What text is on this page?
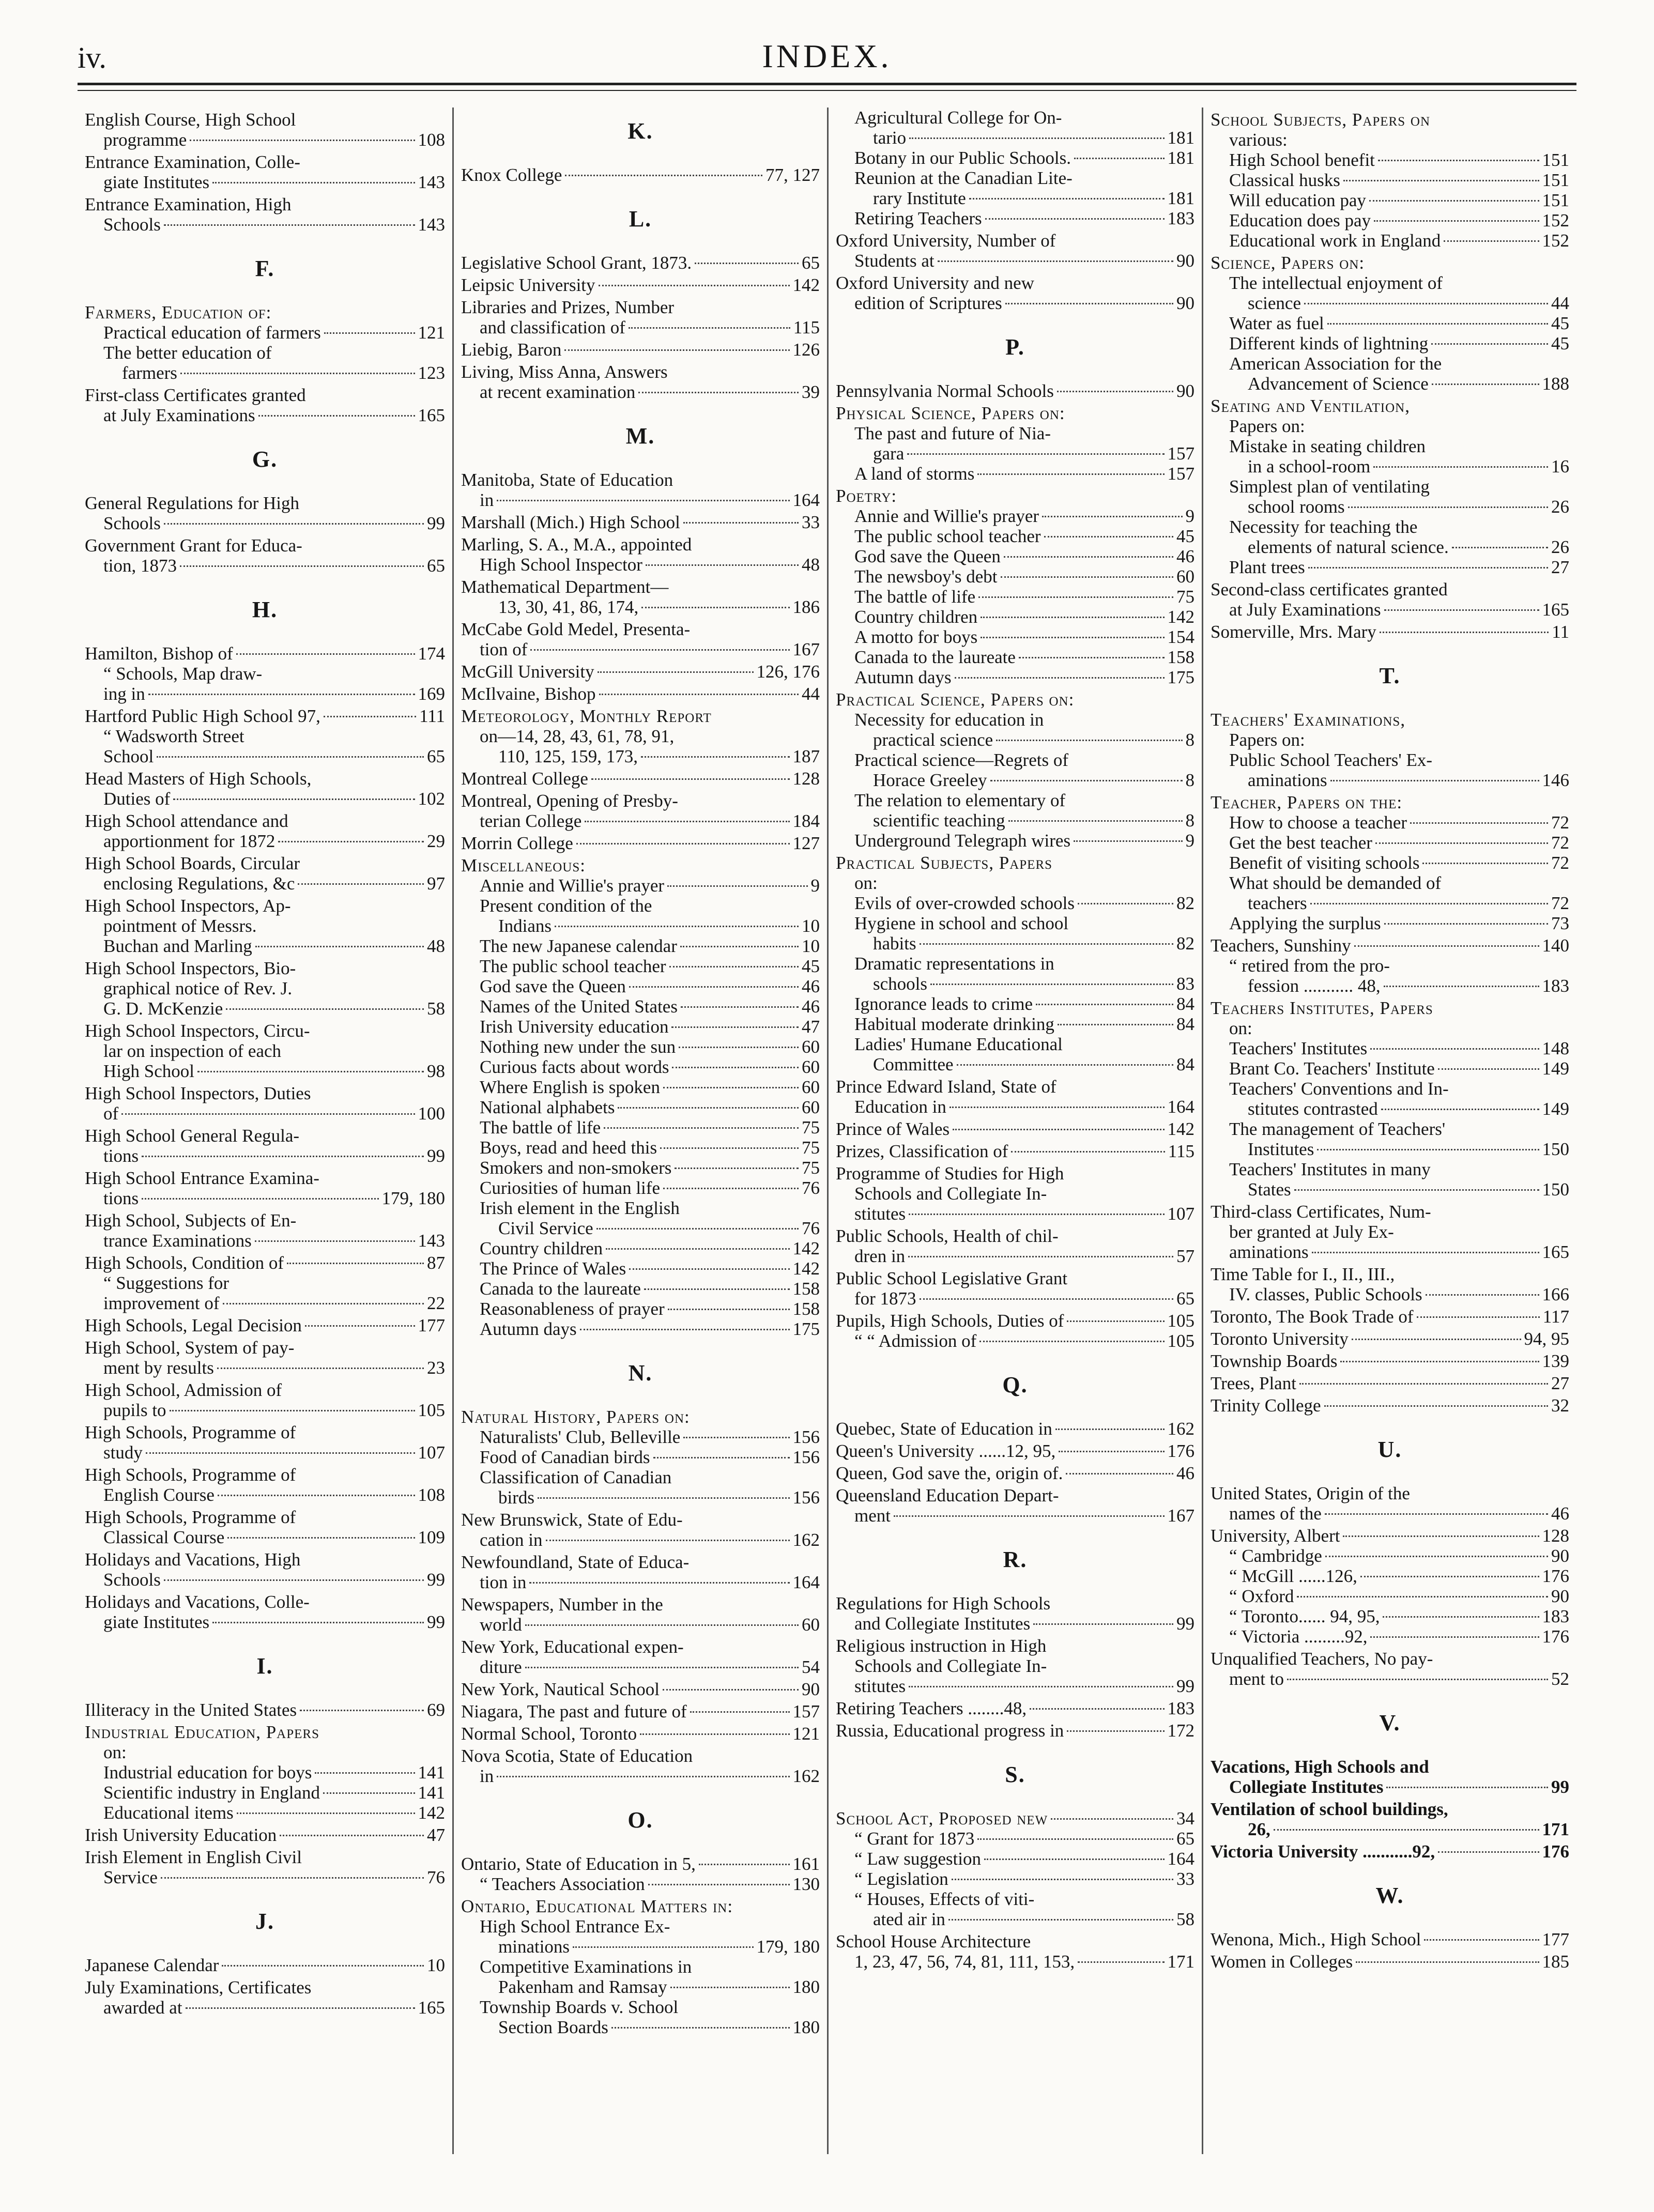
iv.	INDEX.
English Course, High School
programme	108
Entrance Examination, Colle-
giate Institutes	143
Entrance Examination, High
Schools	143
F.
Farmers, Education of:
Practical education of farmers	121
The better education of
farmers	123
First-class Certificates granted
at July Examinations	165
G.
General Regulations for High
Schools	99
Government Grant for Educa-
tion, 1873	65
H.
Hamilton, Bishop of	174
“ Schools, Map draw-
ing in	169
Hartford Public High School 97,	111
“ Wadsworth Street
School	65
Head Masters of High Schools,
Duties of	102
High School attendance and
apportionment for 1872	29
High School Boards, Circular
enclosing Regulations, &c	97
High School Inspectors, Ap-
pointment of Messrs.
Buchan and Marling	48
High School Inspectors, Bio-
graphical notice of Rev. J.
G. D. McKenzie	58
High School Inspectors, Circu-
lar on inspection of each
High School	98
High School Inspectors, Duties
of	100
High School General Regula-
tions	99
High School Entrance Examina-
tions	179, 180
High School, Subjects of En-
trance Examinations	143
High Schools, Condition of	87
“ Suggestions for
improvement of	22
High Schools, Legal Decision	177
High School, System of pay-
ment by results	23
High School, Admission of
pupils to	105
High Schools, Programme of
study	107
High Schools, Programme of
English Course	108
High Schools, Programme of
Classical Course	109
Holidays and Vacations, High
Schools	99
Holidays and Vacations, Colle-
giate Institutes	99
I.
Illiteracy in the United States	69
Industrial Education, Papers
on:
Industrial education for boys	141
Scientific industry in England	141
Educational items	142
Irish University Education	47
Irish Element in English Civil
Service	76
J.
Japanese Calendar	10
July Examinations, Certificates
awarded at	165
K.
Knox College	77, 127
L.
Legislative School Grant, 1873.	65
Leipsic University	142
Libraries and Prizes, Number
and classification of	115
Liebig, Baron	126
Living, Miss Anna, Answers
at recent examination	39
M.
Manitoba, State of Education
in	164
Marshall (Mich.) High School	33
Marling, S. A., M.A., appointed
High School Inspector	48
Mathematical Department—
13, 30, 41, 86, 174,	186
McCabe Gold Medel, Presenta-
tion of	167
McGill University	126, 176
McIlvaine, Bishop	44
Meteorology, Monthly Report
on—14, 28, 43, 61, 78, 91,
110, 125, 159, 173,	187
Montreal College	128
Montreal, Opening of Presby-
terian College	184
Morrin College	127
Miscellaneous:
Annie and Willie's prayer	9
Present condition of the
Indians	10
The new Japanese calendar	10
The public school teacher	45
God save the Queen	46
Names of the United States	46
Irish University education	47
Nothing new under the sun	60
Curious facts about words	60
Where English is spoken	60
National alphabets	60
The battle of life	75
Boys, read and heed this	75
Smokers and non-smokers	75
Curiosities of human life	76
Irish element in the English
Civil Service	76
Country children	142
The Prince of Wales	142
Canada to the laureate	158
Reasonableness of prayer	158
Autumn days	175
N.
Natural History, Papers on:
Naturalists' Club, Belleville	156
Food of Canadian birds	156
Classification of Canadian
birds	156
New Brunswick, State of Edu-
cation in	162
Newfoundland, State of Educa-
tion in	164
Newspapers, Number in the
world	60
New York, Educational expen-
diture	54
New York, Nautical School	90
Niagara, The past and future of	157
Normal School, Toronto	121
Nova Scotia, State of Education
in	162
O.
Ontario, State of Education in 5,	161
“ Teachers Association	130
Ontario, Educational Matters in:
High School Entrance Ex-
minations	179, 180
Competitive Examinations in
Pakenham and Ramsay	180
Township Boards v. School
Section Boards	180
Agricultural College for On-
tario	181
Botany in our Public Schools.	181
Reunion at the Canadian Lite-
rary Institute	181
Retiring Teachers	183
Oxford University, Number of
Students at	90
Oxford University and new
edition of Scriptures	90
P.
Pennsylvania Normal Schools	90
Physical Science, Papers on:
The past and future of Nia-
gara	157
A land of storms	157
Poetry:
Annie and Willie's prayer	9
The public school teacher	45
God save the Queen	46
The newsboy's debt	60
The battle of life	75
Country children	142
A motto for boys	154
Canada to the laureate	158
Autumn days	175
Practical Science, Papers on:
Necessity for education in
practical science	8
Practical science—Regrets of
Horace Greeley	8
The relation to elementary of
scientific teaching	8
Underground Telegraph wires	9
Practical Subjects, Papers
on:
Evils of over-crowded schools	82
Hygiene in school and school
habits	82
Dramatic representations in
schools	83
Ignorance leads to crime	84
Habitual moderate drinking	84
Ladies' Humane Educational
Committee	84
Prince Edward Island, State of
Education in	164
Prince of Wales	142
Prizes, Classification of	115
Programme of Studies for High
Schools and Collegiate In-
stitutes	107
Public Schools, Health of chil-
dren in	57
Public School Legislative Grant
for 1873	65
Pupils, High Schools, Duties of	105
“ “ Admission of	105
Q.
Quebec, State of Education in	162
Queen's University ......12, 95,	176
Queen, God save the, origin of.	46
Queensland Education Depart-
ment	167
R.
Regulations for High Schools
and Collegiate Institutes	99
Religious instruction in High
Schools and Collegiate In-
stitutes	99
Retiring Teachers ........48,	183
Russia, Educational progress in	172
S.
School Act, Proposed new	34
“ Grant for 1873	65
“ Law suggestion	164
“ Legislation	33
“ Houses, Effects of viti-
ated air in	58
School House Architecture
1, 23, 47, 56, 74, 81, 111, 153,	171
School Subjects, Papers on
various:
High School benefit	151
Classical husks	151
Will education pay	151
Education does pay	152
Educational work in England	152
Science, Papers on:
The intellectual enjoyment of
science	44
Water as fuel	45
Different kinds of lightning	45
American Association for the
Advancement of Science	188
Seating and Ventilation,
Papers on:
Mistake in seating children
in a school-room	16
Simplest plan of ventilating
school rooms	26
Necessity for teaching the
elements of natural science.	26
Plant trees	27
Second-class certificates granted
at July Examinations	165
Somerville, Mrs. Mary	11
T.
Teachers' Examinations,
Papers on:
Public School Teachers' Ex-
aminations	146
Teacher, Papers on the:
How to choose a teacher	72
Get the best teacher	72
Benefit of visiting schools	72
What should be demanded of
teachers	72
Applying the surplus	73
Teachers, Sunshiny	140
“ retired from the pro-
fession ........... 48,	183
Teachers Institutes, Papers
on:
Teachers' Institutes	148
Brant Co. Teachers' Institute	149
Teachers' Conventions and In-
stitutes contrasted	149
The management of Teachers'
Institutes	150
Teachers' Institutes in many
States	150
Third-class Certificates, Num-
ber granted at July Ex-
aminations	165
Time Table for I., II., III.,
IV. classes, Public Schools	166
Toronto, The Book Trade of	117
Toronto University	94, 95
Township Boards	139
Trees, Plant	27
Trinity College	32
U.
United States, Origin of the
names of the	46
University, Albert	128
“ Cambridge	90
“ McGill ......126,	176
“ Oxford	90
“ Toronto...... 94, 95,	183
“ Victoria .........92,	176
Unqualified Teachers, No pay-
ment to	52
V.
Vacations, High Schools and
Collegiate Institutes	99
Ventilation of school buildings,
26,	171
Victoria University ...........92,	176
W.
Wenona, Mich., High School	177
Women in Colleges	185
